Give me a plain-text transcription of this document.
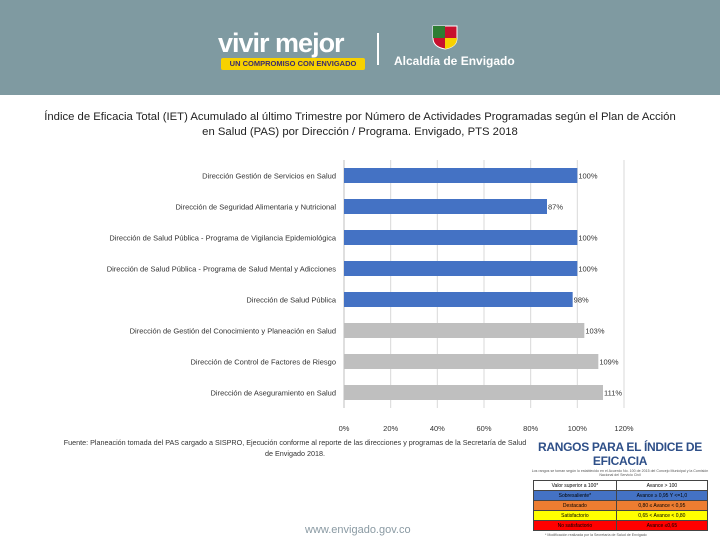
vivir mejor
UN COMPROMISO CON ENVIGADO	Alcaldía de Envigado
Índice de Eficacia Total (IET) Acumulado al último Trimestre por Número de Actividades Programadas según el Plan de Acción en Salud (PAS) por Dirección / Programa. Envigado, PTS 2018
0%	20%	40%	60%	80%	100%	120%
Dirección Gestión de Servicios en Salud	100%
Dirección de Seguridad Alimentaria y Nutricional	87%
Dirección de Salud Pública - Programa de Vigilancia Epidemiológica	100%
Dirección de Salud Pública - Programa de Salud Mental y Adicciones	100%
Dirección de Salud Pública	98%
Dirección de Gestión del Conocimiento y Planeación en Salud	103%
Dirección de Control de Factores de Riesgo	109%
Dirección de Aseguramiento en Salud	111%
Fuente: Planeación tomada del PAS cargado a SISPRO, Ejecución conforme al reporte de las direcciones y programas de la Secretaría de Salud de Envigado 2018.	RANGOS PARA EL ÍNDICE DE EFICACIA
Los rangos se toman según lo establecido en el Acuerdo No. 100 de 2015 del Concejo Municipal y la Comisión Nacional del Servicio Civil
Valor superior a 100*	Avance > 100
Sobresaliente*	Avance ≥ 0,95 Y <=1,0
Destacado	0,80 ≤ Avance < 0,95
Satisfactorio	0,65 < Avance < 0,80
No satisfactorio	Avance ≤0,65
* Modificación realizada por la Secretaría de Salud de Envigado
www.envigado.gov.co
